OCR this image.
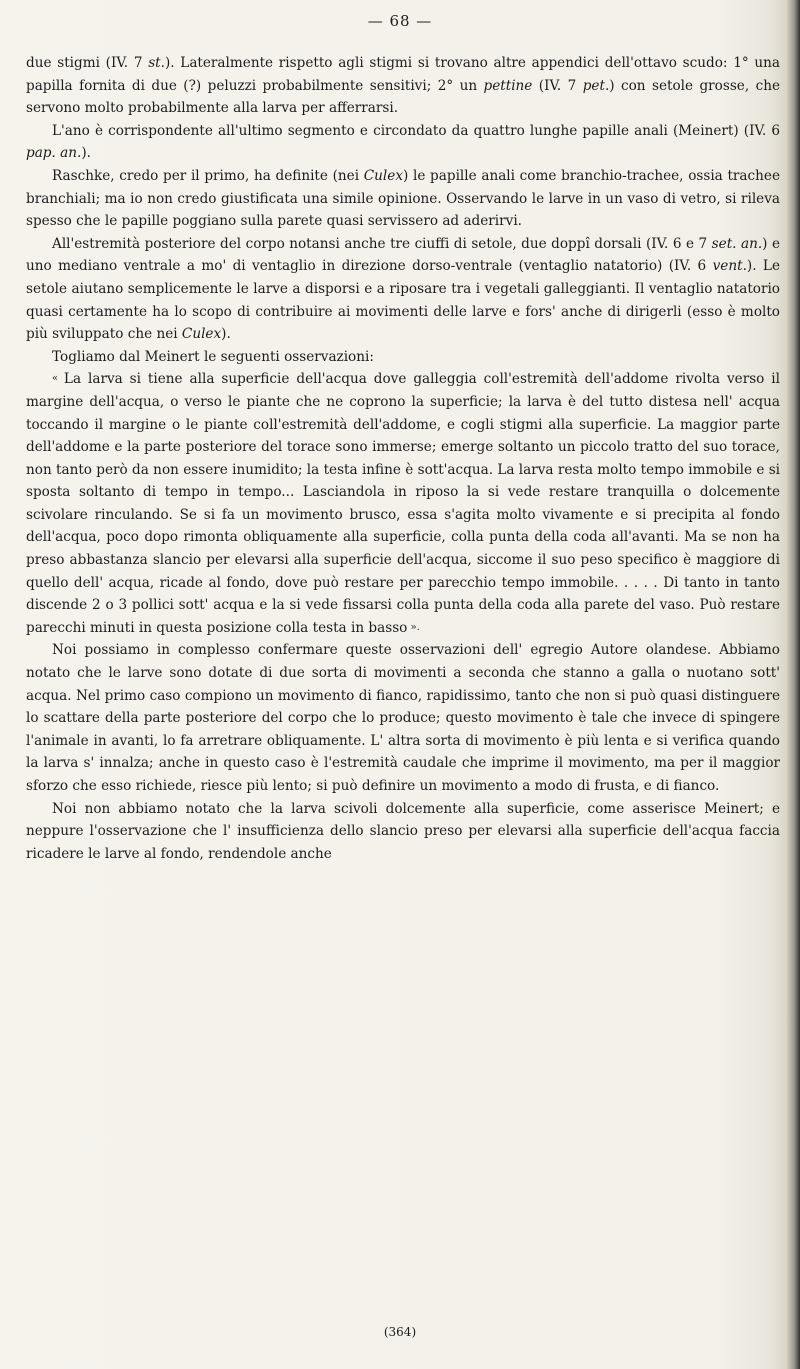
— 68 —

due stigmi (IV. 7 st.). Lateralmente rispetto agli stigmi si trovano altre appendici dell'ottavo scudo: 1° una papilla fornita di due (?) peluzzi probabilmente sensitivi; 2° un pettine (IV. 7 pet.) con setole grosse, che servono molto probabilmente alla larva per afferrarsi.

L'ano è corrispondente all'ultimo segmento e circondato da quattro lunghe papille anali (Meinert) (IV. 6 pap. an.).

Raschke, credo per il primo, ha definite (nei Culex) le papille anali come branchio-trachee, ossia trachee branchiali; ma io non credo giustificata una simile opinione. Osservando le larve in un vaso di vetro, si rileva spesso che le papille poggiano sulla parete quasi servissero ad aderirvi.

All'estremità posteriore del corpo notansi anche tre ciuffi di setole, due doppî dorsali (IV. 6 e 7 set. an.) e uno mediano ventrale a mo' di ventaglio in direzione dorso-ventrale (ventaglio natatorio) (IV. 6 vent.). Le setole aiutano semplicemente le larve a disporsi e a riposare tra i vegetali galleggianti. Il ventaglio natatorio quasi certamente ha lo scopo di contribuire ai movimenti delle larve e fors' anche di dirigerli (esso è molto più sviluppato che nei Culex).

Togliamo dal Meinert le seguenti osservazioni:

« La larva si tiene alla superficie dell'acqua dove galleggia coll'estremità dell'addome rivolta verso il margine dell'acqua, o verso le piante che ne coprono la superficie; la larva è del tutto distesa nell' acqua toccando il margine o le piante coll'estremità dell'addome, e cogli stigmi alla superficie. La maggior parte dell'addome e la parte posteriore del torace sono immerse; emerge soltanto un piccolo tratto del suo torace, non tanto però da non essere inumidito; la testa infine è sott'acqua. La larva resta molto tempo immobile e si sposta soltanto di tempo in tempo... Lasciandola in riposo la si vede restare tranquilla o dolcemente scivolare rinculando. Se si fa un movimento brusco, essa s'agita molto vivamente e si precipita al fondo dell'acqua, poco dopo rimonta obliquamente alla superficie, colla punta della coda all'avanti. Ma se non ha preso abbastanza slancio per elevarsi alla superficie dell'acqua, siccome il suo peso specifico è maggiore di quello dell' acqua, ricade al fondo, dove può restare per parecchio tempo immobile. . . . . Di tanto in tanto discende 2 o 3 pollici sott' acqua e la si vede fissarsi colla punta della coda alla parete del vaso. Può restare parecchi minuti in questa posizione colla testa in basso ».

Noi possiamo in complesso confermare queste osservazioni dell' egregio Autore olandese. Abbiamo notato che le larve sono dotate di due sorta di movimenti a seconda che stanno a galla o nuotano sott' acqua. Nel primo caso compiono un movimento di fianco, rapidissimo, tanto che non si può quasi distinguere lo scattare della parte posteriore del corpo che lo produce; questo movimento è tale che invece di spingere l'animale in avanti, lo fa arretrare obliquamente. L' altra sorta di movimento è più lenta e si verifica quando la larva s' innalza; anche in questo caso è l'estremità caudale che imprime il movimento, ma per il maggior sforzo che esso richiede, riesce più lento; si può definire un movimento a modo di frusta, e di fianco.

Noi non abbiamo notato che la larva scivoli dolcemente alla superficie, come asserisce Meinert; e neppure l'osservazione che l' insufficienza dello slancio preso per elevarsi alla superficie dell'acqua faccia ricadere le larve al fondo, rendendole anche

(364)
